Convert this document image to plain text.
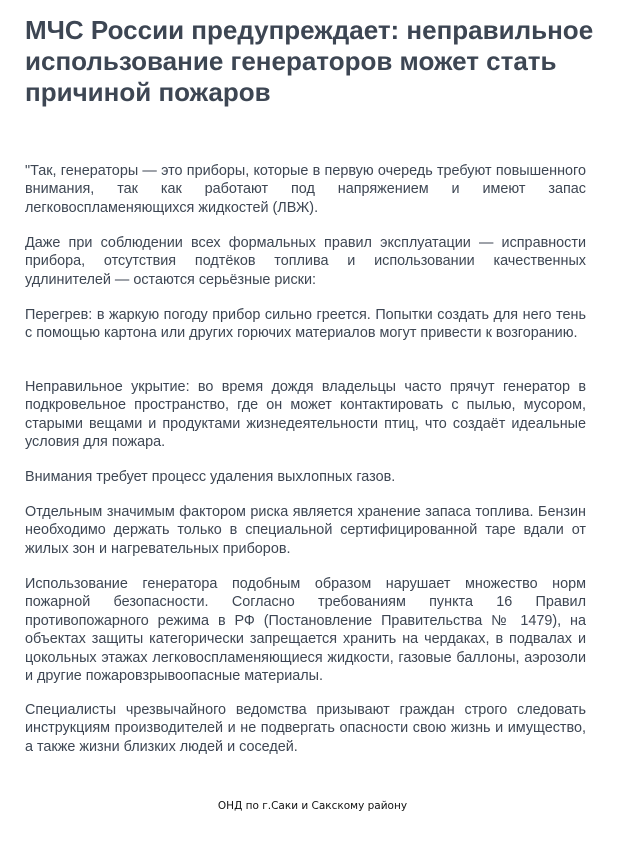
МЧС России предупреждает: неправильное использование генераторов может стать причиной пожаров

"Так, генераторы — это приборы, которые в первую очередь требуют повышенного внимания, так как работают под напряжением и имеют запас легковоспламеняющихся жидкостей (ЛВЖ).

Даже при соблюдении всех формальных правил эксплуатации — исправности прибора, отсутствия подтёков топлива и использовании качественных удлинителей — остаются серьёзные риски:

Перегрев: в жаркую погоду прибор сильно греется. Попытки создать для него тень с помощью картона или других горючих материалов могут привести к возгоранию.

Неправильное укрытие: во время дождя владельцы часто прячут генератор в подкровельное пространство, где он может контактировать с пылью, мусором, старыми вещами и продуктами жизнедеятельности птиц, что создаёт идеальные условия для пожара.

Внимания требует процесс удаления выхлопных газов.

Отдельным значимым фактором риска является хранение запаса топлива. Бензин необходимо держать только в специальной сертифицированной таре вдали от жилых зон и нагревательных приборов.

Использование генератора подобным образом нарушает множество норм пожарной безопасности. Согласно требованиям пункта 16 Правил противопожарного режима в РФ (Постановление Правительства № 1479), на объектах защиты категорически запрещается хранить на чердаках, в подвалах и цокольных этажах легковоспламеняющиеся жидкости, газовые баллоны, аэрозоли и другие пожаровзрывоопасные материалы.

Специалисты чрезвычайного ведомства призывают граждан строго следовать инструкциям производителей и не подвергать опасности свою жизнь и имущество, а также жизни близких людей и соседей.

ОНД по г.Саки и Сакскому району
